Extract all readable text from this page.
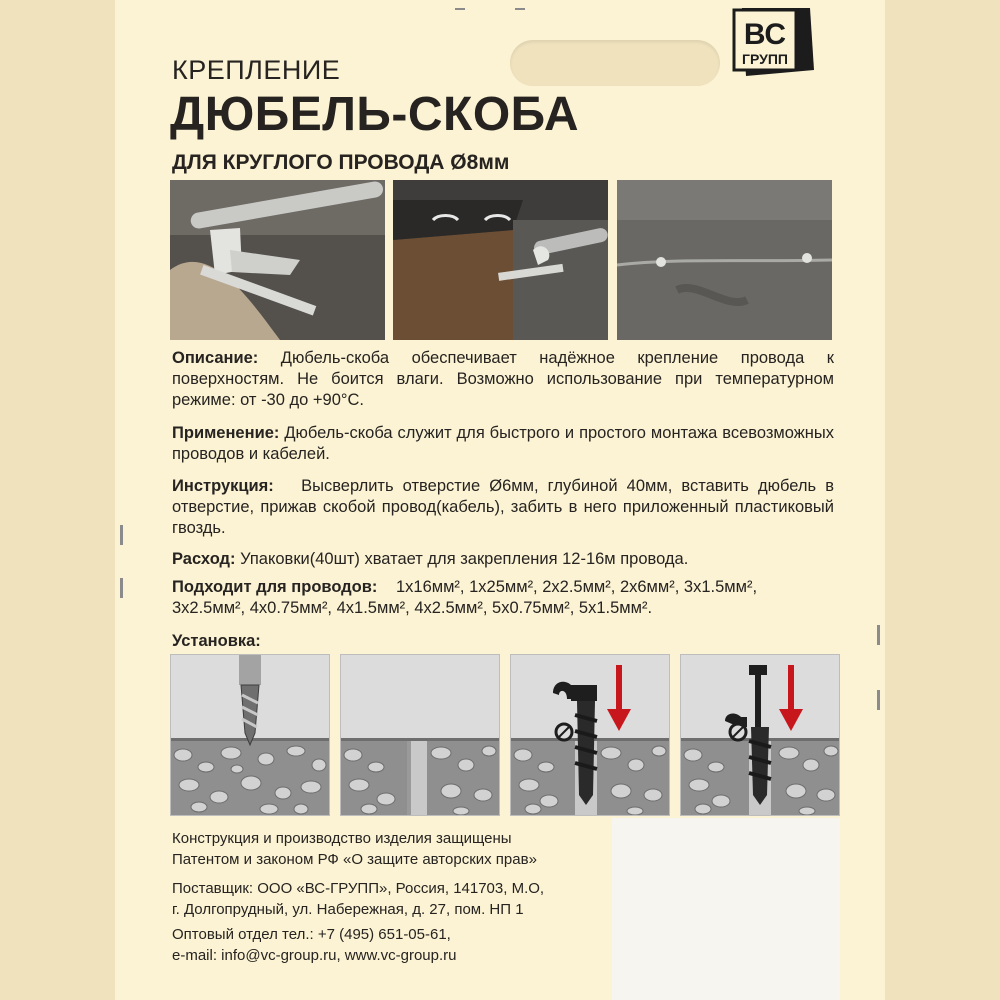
ВС
ГРУПП
КРЕПЛЕНИЕ
ДЮБЕЛЬ-СКОБА
ДЛЯ КРУГЛОГО ПРОВОДА Ø8мм
Описание: Дюбель-скоба обеспечивает надёжное крепление провода к поверхностям. Не боится влаги. Возможно использование при температурном режиме: от -30 до +90°С.
Применение: Дюбель-скоба служит для быстрого и простого монтажа всевозможных проводов и кабелей.
Инструкция:   Высверлить отверстие Ø6мм, глубиной 40мм, вставить дюбель в отверстие, прижав скобой провод(кабель), забить в него приложенный пластиковый гвоздь.
Расход: Упаковки(40шт) хватает для закрепления 12-16м провода.
Подходит для проводов: 1х16мм², 1х25мм², 2х2.5мм², 2х6мм², 3х1.5мм²,
3х2.5мм², 4х0.75мм², 4х1.5мм², 4х2.5мм², 5х0.75мм², 5х1.5мм².
Установка:
Конструкция и производство изделия защищены
Патентом и законом РФ «О защите авторских прав»
Поставщик: ООО «ВС-ГРУПП», Россия, 141703, М.О,
г. Долгопрудный, ул. Набережная, д. 27, пом. НП 1
Оптовый отдел тел.: +7 (495) 651-05-61,
e-mail: info@vc-group.ru, www.vc-group.ru
